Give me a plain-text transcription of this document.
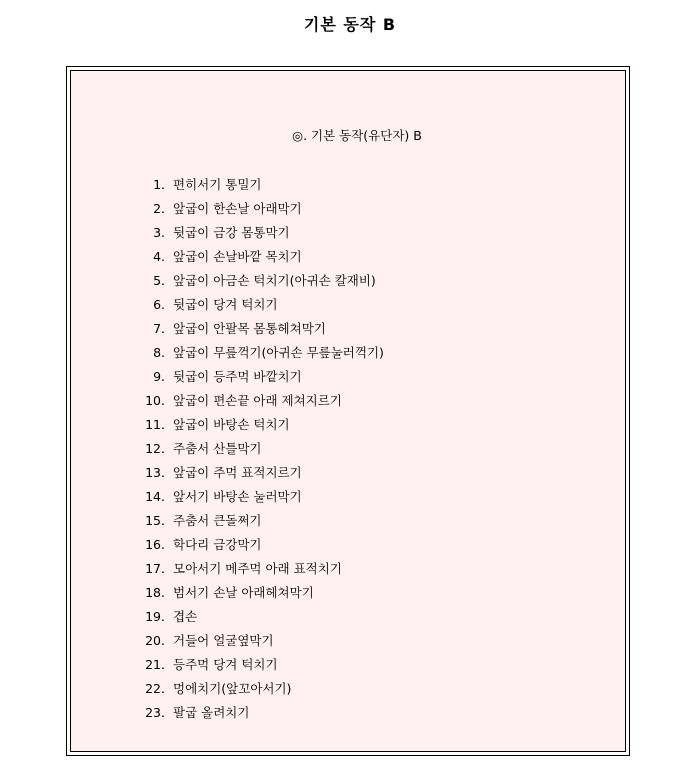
기본 동작 B
◎. 기본 동작(유단자) B
1. 편히서기 통밀기
2. 앞굽이 한손날 아래막기
3. 뒷굽이 금강 몸통막기
4. 앞굽이 손날바깥 목치기
5. 앞굽이 아금손 턱치기(아귀손 칼재비)
6. 뒷굽이 당겨 턱치기
7. 앞굽이 안팔목 몸통헤쳐막기
8. 앞굽이 무릎꺽기(아귀손 무릎눌러꺽기)
9. 뒷굽이 등주먹 바깥치기
10. 앞굽이 편손끝 아래 제쳐지르기
11. 앞굽이 바탕손 턱치기
12. 주춤서 산틀막기
13. 앞굽이 주먹 표적지르기
14. 앞서기 바탕손 눌러막기
15. 주춤서 큰돌쩌기
16. 학다리 금강막기
17. 모아서기 메주먹 아래 표적치기
18. 범서기 손날 아래헤쳐막기
19. 겹손
20. 거들어 얼굴옆막기
21. 등주먹 당겨 턱치기
22. 멍에치기(앞꼬아서기)
23. 팔굽 올려치기
